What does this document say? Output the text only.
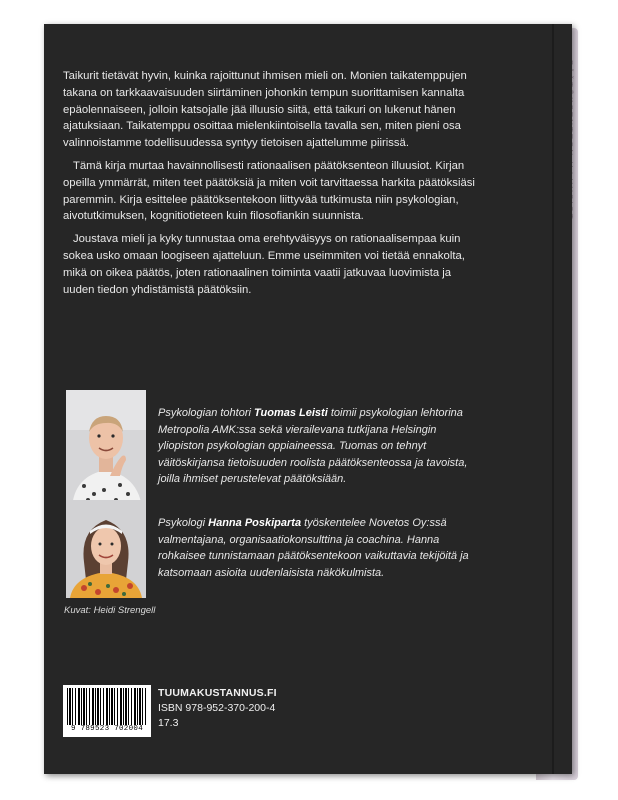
Taikurit tietävät hyvin, kuinka rajoittunut ihmisen mieli on. Monien taikatemppujen takana on tarkkaavaisuuden siirtäminen johonkin tempun suorittamisen kannalta epäolennaiseen, jolloin katsojalle jää illuusio siitä, että taikuri on lukenut hänen ajatuksiaan. Taikatemppu osoittaa mielenkiintoisella tavalla sen, miten pieni osa valinnoistamme todellisuudessa syntyy tietoisen ajattelumme piirissä.

Tämä kirja murtaa havainnollisesti rationaalisen päätöksenteon illuusiot. Kirjan opeilla ymmärrät, miten teet päätöksiä ja miten voit tarvittaessa harkita päätöksiäsi paremmin. Kirja esittelee päätöksentekoon liittyvää tutkimusta niin psykologian, aivotutkimuksen, kognitiotieteen kuin filosofiankin suunnista.

Joustava mieli ja kyky tunnustaa oma erehtyväisyys on rationaalisempaa kuin sokea usko omaan loogiseen ajatteluun. Emme useimmiten voi tietää ennakolta, mikä on oikea päätös, joten rationaalinen toiminta vaatii jatkuvaa luovimista ja uuden tiedon yhdistämistä päätöksiin.

Psykologian tohtori Tuomas Leisti toimii psykologian lehtorina Metropolia AMK:ssa sekä vierailevana tutkijana Helsingin yliopiston psykologian oppiaineessa. Tuomas on tehnyt väitöskirjansa tietoisuuden roolista päätöksenteossa ja tavoista, joilla ihmiset perustelevat päätöksiään.
Psykologi Hanna Poskiparta työskentelee Novetos Oy:ssä valmentajana, organisaatiokonsulttina ja coachina. Hanna rohkaisee tunnistamaan päätöksentekoon vaikuttavia tekijöitä ja katsomaan asioita uudenlaisista näkökulmista.
Kuvat: Heidi Strengell
9 789523 702004
TUUMAKUSTANNUS.FI
ISBN 978-952-370-200-4
17.3
